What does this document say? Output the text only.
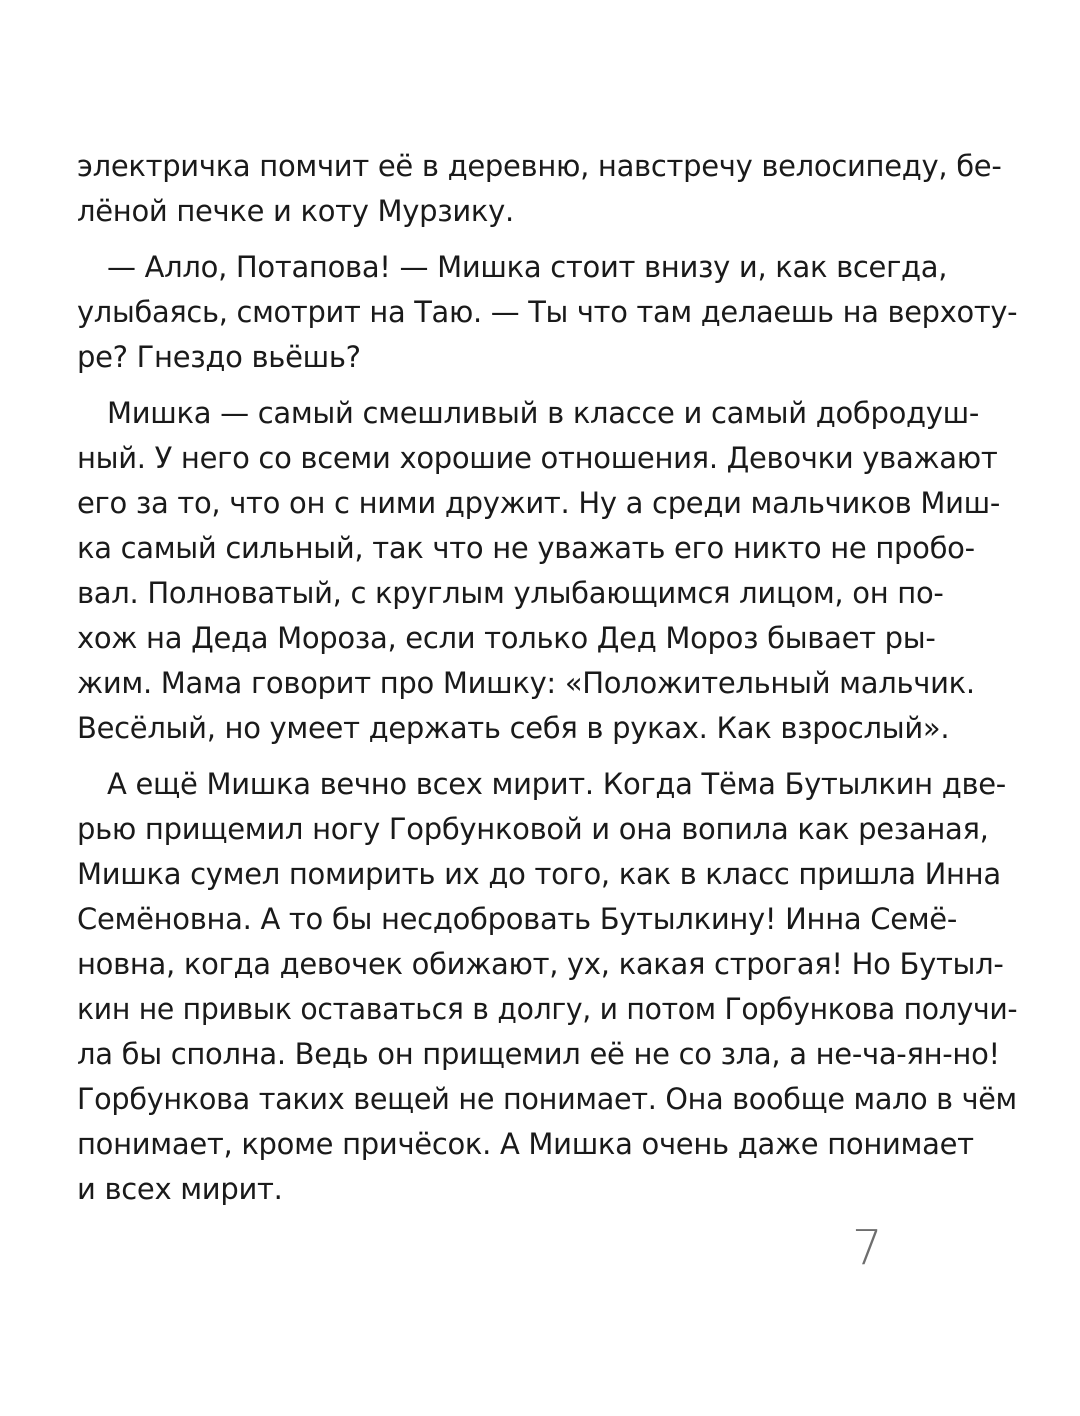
электричка помчит её в деревню, навстречу велосипеду, бе-
лёной печке и коту Мурзику.
— Алло, Потапова! — Мишка стоит внизу и, как всегда,
улыбаясь, смотрит на Таю. — Ты что там делаешь на верхоту-
ре? Гнездо вьёшь?
Мишка — самый смешливый в классе и самый добродуш-
ный. У него со всеми хорошие отношения. Девочки уважают
его за то, что он с ними дружит. Ну а среди мальчиков Миш-
ка самый сильный, так что не уважать его никто не пробо-
вал. Полноватый, с круглым улыбающимся лицом, он по-
хож на Деда Мороза, если только Дед Мороз бывает ры-
жим. Мама говорит про Мишку: «Положительный мальчик.
Весёлый, но умеет держать себя в руках. Как взрослый».
А ещё Мишка вечно всех мирит. Когда Тёма Бутылкин две-
рью прищемил ногу Горбунковой и она вопила как резаная,
Мишка сумел помирить их до того, как в класс пришла Инна
Семёновна. А то бы несдобровать Бутылкину! Инна Семё-
новна, когда девочек обижают, ух, какая строгая! Но Бутыл-
кин не привык оставаться в долгу, и потом Горбункова получи-
ла бы сполна. Ведь он прищемил её не со зла, а не-ча-ян-но!
Горбункова таких вещей не понимает. Она вообще мало в чём
понимает, кроме причёсок. А Мишка очень даже понимает
и всех мирит.
7
